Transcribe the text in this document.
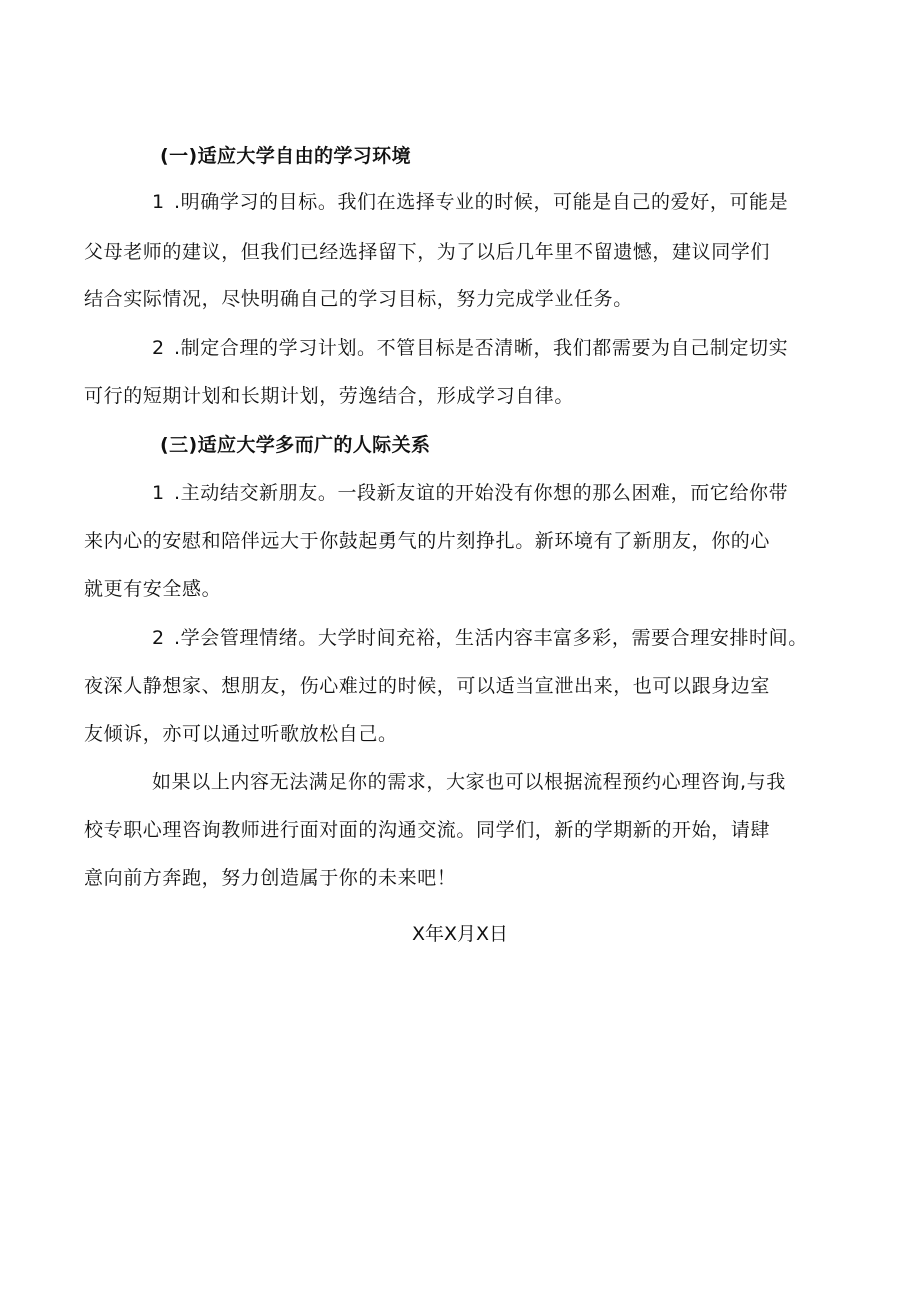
(一)适应大学自由的学习环境
1 .明确学习的目标。我们在选择专业的时候，可能是自己的爱好，可能是
父母老师的建议，但我们已经选择留下，为了以后几年里不留遗憾，建议同学们
结合实际情况，尽快明确自己的学习目标，努力完成学业任务。
2 .制定合理的学习计划。不管目标是否清晰，我们都需要为自己制定切实
可行的短期计划和长期计划，劳逸结合，形成学习自律。
(三)适应大学多而广的人际关系
1 .主动结交新朋友。一段新友谊的开始没有你想的那么困难，而它给你带
来内心的安慰和陪伴远大于你鼓起勇气的片刻挣扎。新环境有了新朋友，你的心
就更有安全感。
2 .学会管理情绪。大学时间充裕，生活内容丰富多彩，需要合理安排时间。
夜深人静想家、想朋友，伤心难过的时候，可以适当宣泄出来，也可以跟身边室
友倾诉，亦可以通过听歌放松自己。
如果以上内容无法满足你的需求，大家也可以根据流程预约心理咨询,与我
校专职心理咨询教师进行面对面的沟通交流。同学们，新的学期新的开始，请肆
意向前方奔跑，努力创造属于你的未来吧！
X年X月X日
